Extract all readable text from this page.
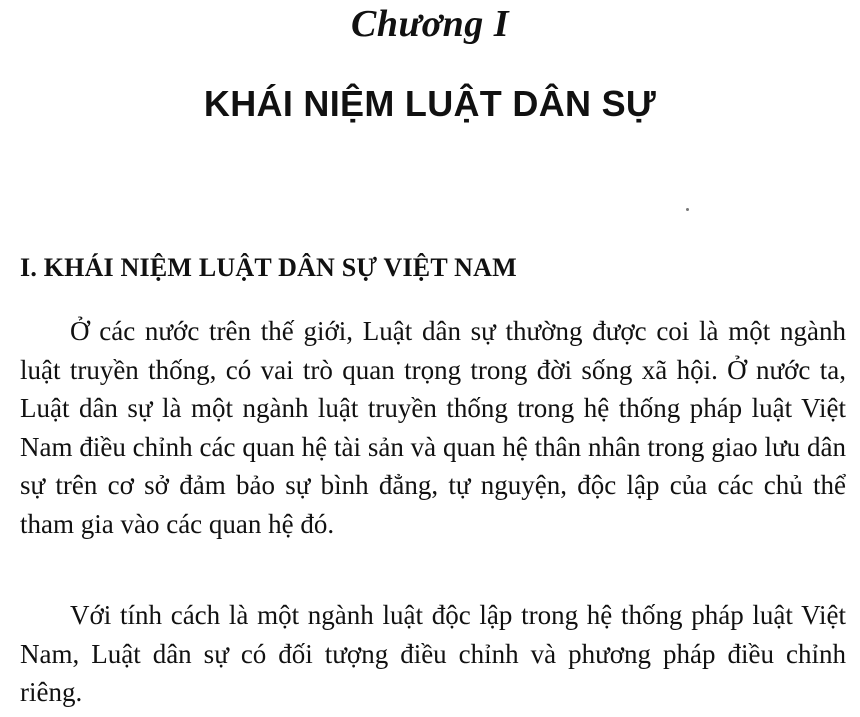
Chương I
KHÁI NIỆM LUẬT DÂN SỰ
I. KHÁI NIỆM LUẬT DÂN SỰ VIỆT NAM

Ở các nước trên thế giới, Luật dân sự thường được coi là một ngành luật truyền thống, có vai trò quan trọng trong đời sống xã hội. Ở nước ta, Luật dân sự là một ngành luật truyền thống trong hệ thống pháp luật Việt Nam điều chỉnh các quan hệ tài sản và quan hệ thân nhân trong giao lưu dân sự trên cơ sở đảm bảo sự bình đẳng, tự nguyện, độc lập của các chủ thể tham gia vào các quan hệ đó.

Với tính cách là một ngành luật độc lập trong hệ thống pháp luật Việt Nam, Luật dân sự có đối tượng điều chỉnh và phương pháp điều chỉnh riêng.
